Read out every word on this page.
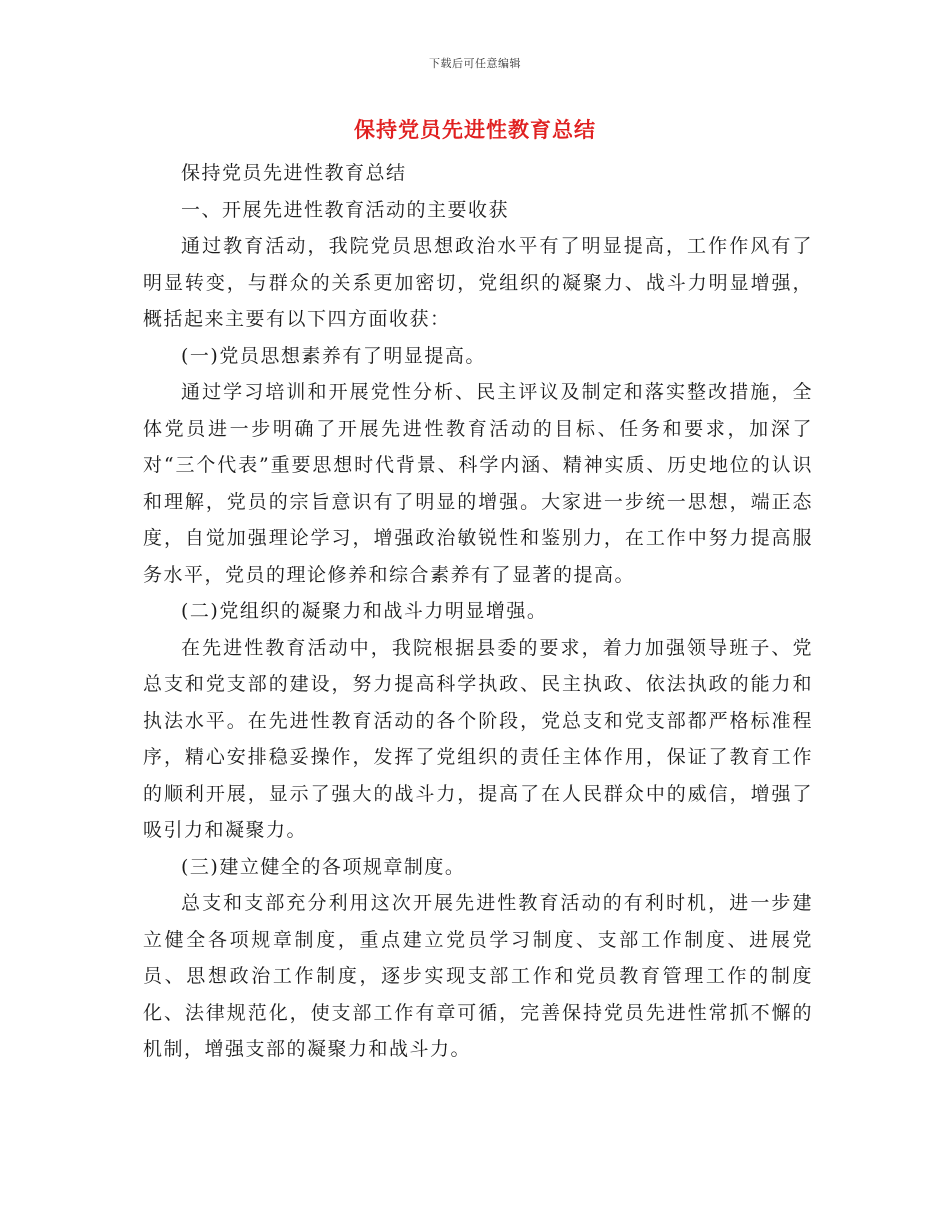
下载后可任意编辑
保持党员先进性教育总结

保持党员先进性教育总结

一、开展先进性教育活动的主要收获

通过教育活动，我院党员思想政治水平有了明显提高，工作作风有了明显转变，与群众的关系更加密切，党组织的凝聚力、战斗力明显增强，概括起来主要有以下四方面收获：

(一)党员思想素养有了明显提高。

通过学习培训和开展党性分析、民主评议及制定和落实整改措施，全体党员进一步明确了开展先进性教育活动的目标、任务和要求，加深了对“三个代表”重要思想时代背景、科学内涵、精神实质、历史地位的认识和理解，党员的宗旨意识有了明显的增强。大家进一步统一思想，端正态度，自觉加强理论学习，增强政治敏锐性和鉴别力，在工作中努力提高服务水平，党员的理论修养和综合素养有了显著的提高。

(二)党组织的凝聚力和战斗力明显增强。

在先进性教育活动中，我院根据县委的要求，着力加强领导班子、党总支和党支部的建设，努力提高科学执政、民主执政、依法执政的能力和执法水平。在先进性教育活动的各个阶段，党总支和党支部都严格标准程序，精心安排稳妥操作，发挥了党组织的责任主体作用，保证了教育工作的顺利开展，显示了强大的战斗力，提高了在人民群众中的威信，增强了吸引力和凝聚力。

(三)建立健全的各项规章制度。

总支和支部充分利用这次开展先进性教育活动的有利时机，进一步建立健全各项规章制度，重点建立党员学习制度、支部工作制度、进展党员、思想政治工作制度，逐步实现支部工作和党员教育管理工作的制度化、法律规范化，使支部工作有章可循，完善保持党员先进性常抓不懈的机制，增强支部的凝聚力和战斗力。
